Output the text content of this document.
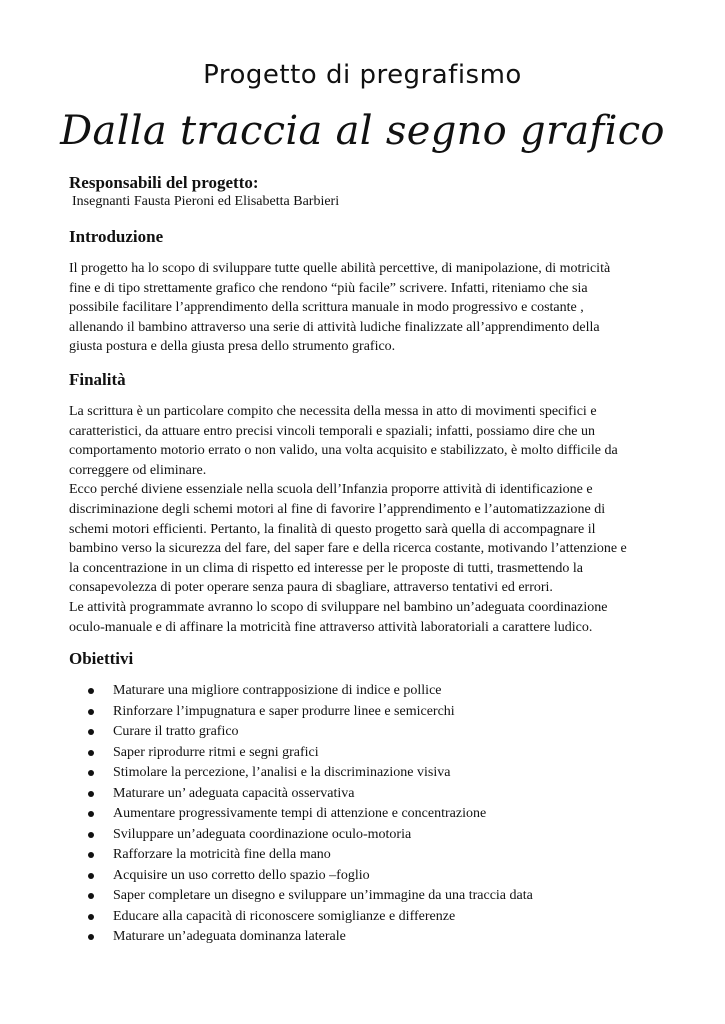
Progetto di pregrafismo
Dalla traccia al segno grafico
Responsabili del progetto:
Insegnanti Fausta Pieroni ed Elisabetta Barbieri
Introduzione
Il progetto ha lo scopo di sviluppare tutte quelle abilità percettive, di manipolazione, di motricità
fine e di tipo strettamente grafico che rendono “più facile” scrivere. Infatti, riteniamo che sia
possibile facilitare l’apprendimento della scrittura manuale in modo progressivo e costante ,
allenando il bambino attraverso una serie di attività ludiche finalizzate all’apprendimento della
giusta postura e della giusta presa dello strumento grafico.
Finalità
La scrittura è un particolare compito che necessita della messa in atto di movimenti specifici e
caratteristici, da attuare entro precisi vincoli temporali e spaziali; infatti, possiamo dire che un
comportamento motorio errato o non valido, una volta acquisito e stabilizzato, è molto difficile da
correggere od eliminare.
Ecco perché diviene essenziale nella scuola dell’Infanzia proporre attività di identificazione e
discriminazione degli schemi motori al fine di favorire l’apprendimento e l’automatizzazione di
schemi motori efficienti. Pertanto, la finalità di questo progetto sarà quella di accompagnare il
bambino verso la sicurezza del fare, del saper fare e della ricerca costante, motivando l’attenzione e
la concentrazione in un clima di rispetto ed interesse per le proposte di tutti, trasmettendo la
consapevolezza di poter operare senza paura di sbagliare, attraverso tentativi ed errori.
Le attività programmate avranno lo scopo di sviluppare nel bambino un’adeguata coordinazione
oculo-manuale e di affinare la motricità fine attraverso attività laboratoriali a carattere ludico.
Obiettivi
Maturare una migliore contrapposizione di indice e pollice
Rinforzare l’impugnatura e saper produrre linee e semicerchi
Curare il tratto grafico
Saper riprodurre ritmi e segni grafici
Stimolare la percezione, l’analisi e la discriminazione visiva
Maturare un’ adeguata capacità osservativa
Aumentare progressivamente tempi di attenzione e concentrazione
Sviluppare un’adeguata coordinazione oculo-motoria
Rafforzare la motricità fine della mano
Acquisire un uso corretto dello spazio –foglio
Saper completare un disegno e sviluppare un’immagine da una traccia data
Educare alla capacità di riconoscere somiglianze e differenze
Maturare un’adeguata dominanza laterale
